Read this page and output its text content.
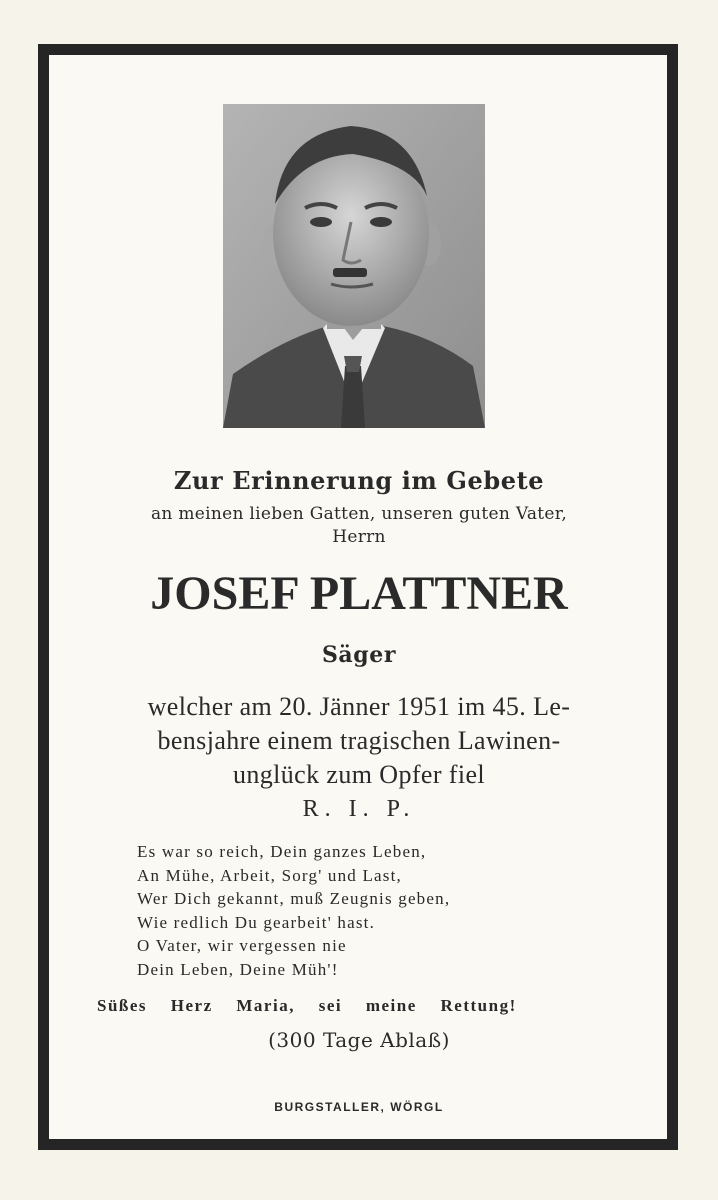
Zur Erinnerung im Gebete
an meinen lieben Gatten, unseren guten Vater,
Herrn
JOSEF PLATTNER
Säger
welcher am 20. Jänner 1951 im 45. Le-
bensjahre einem tragischen Lawinen-
unglück zum Opfer fiel
R. I. P.
Es war so reich, Dein ganzes Leben,
An Mühe, Arbeit, Sorg' und Last,
Wer Dich gekannt, muß Zeugnis geben,
Wie redlich Du gearbeit' hast.
O Vater, wir vergessen nie
Dein Leben, Deine Müh'!
Süßes Herz Maria, sei meine Rettung!
(300 Tage Ablaß)
BURGSTALLER, WÖRGL
